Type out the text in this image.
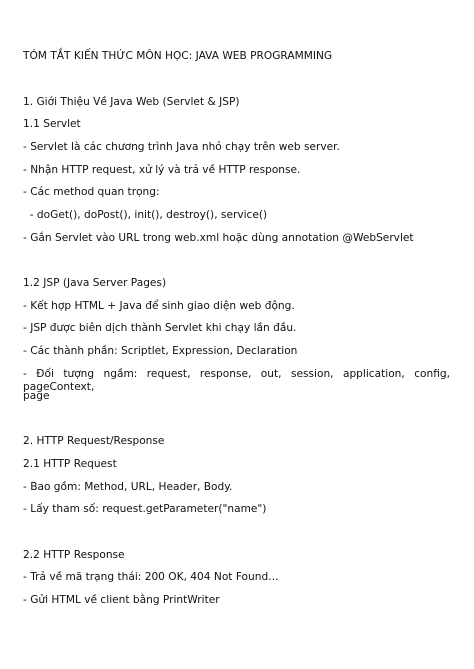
TÓM TẮT KIẾN THỨC MÔN HỌC: JAVA WEB PROGRAMMING
1. Giới Thiệu Về Java Web (Servlet & JSP)
1.1 Servlet
- Servlet là các chương trình Java nhỏ chạy trên web server.
- Nhận HTTP request, xử lý và trả về HTTP response.
- Các method quan trọng:
- doGet(), doPost(), init(), destroy(), service()
- Gắn Servlet vào URL trong web.xml hoặc dùng annotation @WebServlet
1.2 JSP (Java Server Pages)
- Kết hợp HTML + Java để sinh giao diện web động.
- JSP được biên dịch thành Servlet khi chạy lần đầu.
- Các thành phần: Scriptlet, Expression, Declaration
- Đối tượng ngầm: request, response, out, session, application, config, pageContext,
page
2. HTTP Request/Response
2.1 HTTP Request
- Bao gồm: Method, URL, Header, Body.
- Lấy tham số: request.getParameter("name")
2.2 HTTP Response
- Trả về mã trạng thái: 200 OK, 404 Not Found…
- Gửi HTML về client bằng PrintWriter
